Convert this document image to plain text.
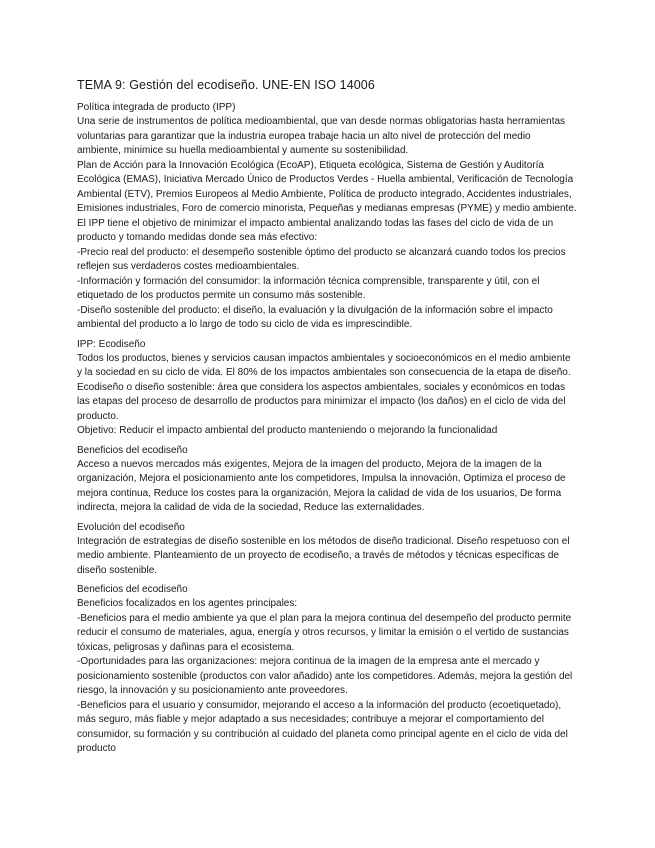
TEMA 9: Gestión del ecodiseño. UNE-EN ISO 14006
Política integrada de producto (IPP)
Una serie de instrumentos de política medioambiental, que van desde normas obligatorias hasta herramientas voluntarias para garantizar que la industria europea trabaje hacia un alto nivel de protección del medio ambiente, minimice su huella medioambiental y aumente su sostenibilidad.
Plan de Acción para la Innovación Ecológica (EcoAP), Etiqueta ecológica, Sistema de Gestión y Auditoría Ecológica (EMAS), Iniciativa Mercado Único de Productos Verdes - Huella ambiental, Verificación de Tecnología Ambiental (ETV), Premios Europeos al Medio Ambiente, Política de producto integrado, Accidentes industriales, Emisiones industriales, Foro de comercio minorista, Pequeñas y medianas empresas (PYME) y medio ambiente.
El IPP tiene el objetivo de minimizar el impacto ambiental analizando todas las fases del ciclo de vida de un producto y tomando medidas donde sea más efectivo:
-Precio real del producto: el desempeño sostenible óptimo del producto se alcanzará cuando todos los precios reflejen sus verdaderos costes medioambientales.
-Información y formación del consumidor: la información técnica comprensible, transparente y útil, con el etiquetado de los productos permite un consumo más sostenible.
-Diseño sostenible del producto: el diseño, la evaluación y la divulgación de la información sobre el impacto ambiental del producto a lo largo de todo su ciclo de vida es imprescindible.
IPP: Ecodiseño
Todos los productos, bienes y servicios causan impactos ambientales y socioeconómicos en el medio ambiente y la sociedad en su ciclo de vida. El 80% de los impactos ambientales son consecuencia de la etapa de diseño. Ecodiseño o diseño sostenible: área que considera los aspectos ambientales, sociales y económicos en todas las etapas del proceso de desarrollo de productos para minimizar el impacto (los daños) en el ciclo de vida del producto.
Objetivo: Reducir el impacto ambiental del producto manteniendo o mejorando la funcionalidad
Beneficios del ecodiseño
Acceso a nuevos mercados más exigentes, Mejora de la imagen del producto, Mejora de la imagen de la organización, Mejora el posicionamiento ante los competidores, Impulsa la innovación, Optimiza el proceso de mejora continua, Reduce los costes para la organización, Mejora la calidad de vida de los usuarios, De forma indirecta, mejora la calidad de vida de la sociedad, Reduce las externalidades.
Evolución del ecodiseño
Integración de estrategias de diseño sostenible en los métodos de diseño tradicional. Diseño respetuoso con el medio ambiente. Planteamiento de un proyecto de ecodiseño, a través de métodos y técnicas específicas de diseño sostenible.
Beneficios del ecodiseño
Beneficios focalizados en los agentes principales:
-Beneficios para el medio ambiente ya que el plan para la mejora continua del desempeño del producto permite reducir el consumo de materiales, agua, energía y otros recursos, y limitar la emisión o el vertido de sustancias tóxicas, peligrosas y dañinas para el ecosistema.
-Oportunidades para las organizaciones: mejora continua de la imagen de la empresa ante el mercado y posicionamiento sostenible (productos con valor añadido) ante los competidores. Además, mejora la gestión del riesgo, la innovación y su posicionamiento ante proveedores.
-Beneficios para el usuario y consumidor, mejorando el acceso a la información del producto (ecoetiquetado), más seguro, más fiable y mejor adaptado a sus necesidades; contribuye a mejorar el comportamiento del consumidor, su formación y su contribución al cuidado del planeta como principal agente en el ciclo de vida del producto
